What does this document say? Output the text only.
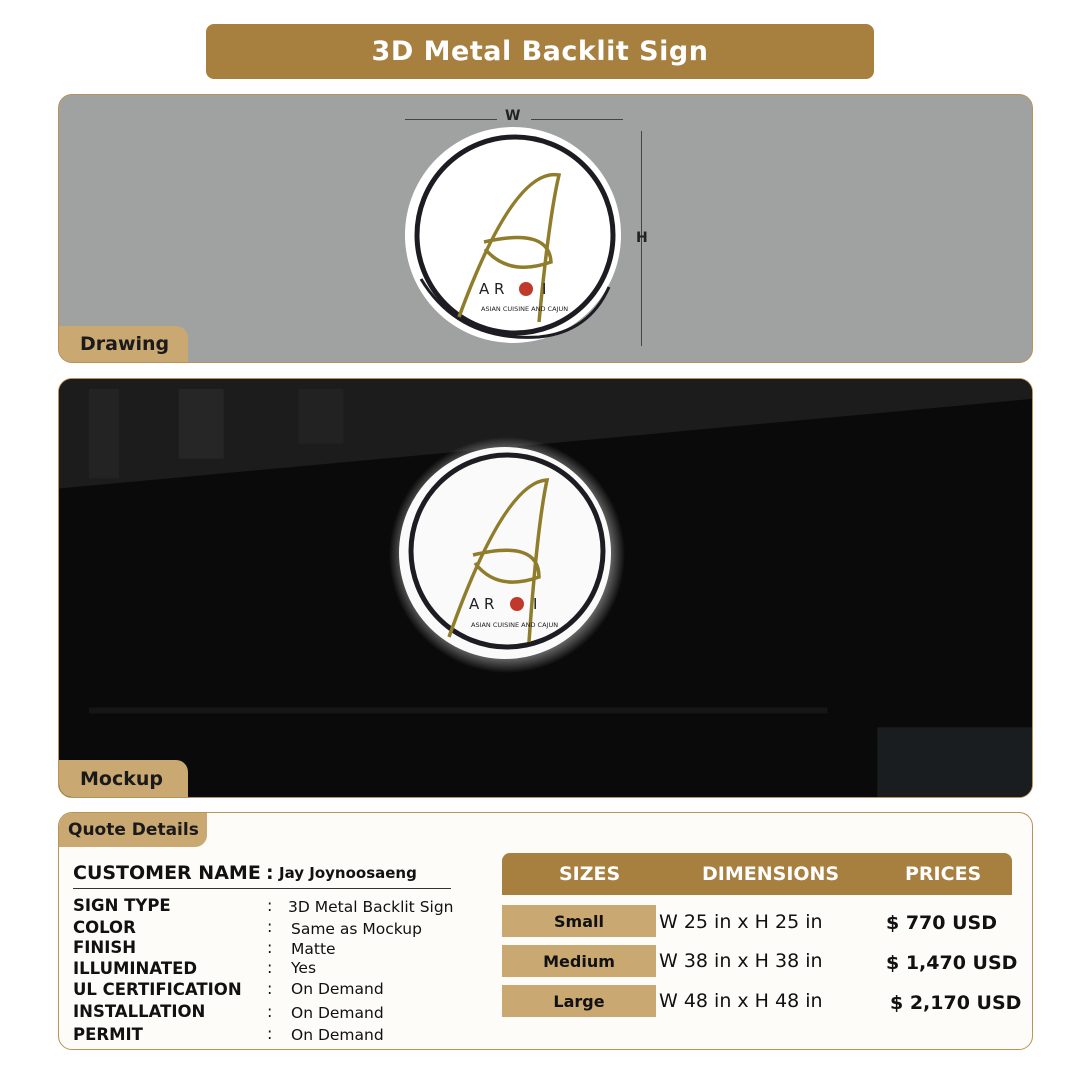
3D Metal Backlit Sign
W
H
A R	I
ASIAN CUISINE AND CAJUN
Drawing
A R	I
ASIAN CUISINE AND CAJUN
Mockup
Quote Details
CUSTOMER NAME : Jay Joynoosaeng
SIGN TYPE	: 3D Metal Backlit Sign
COLOR	: Same as Mockup
FINISH	: Matte
ILLUMINATED	: Yes
UL CERTIFICATION : On Demand
INSTALLATION	: On Demand
PERMIT	: On Demand
SIZES	DIMENSIONS	PRICES
Small	W 25 in x H 25 in	$ 770 USD
Medium	W 38 in x H 38 in	$ 1,470 USD
Large	W 48 in x H 48 in	$ 2,170 USD
